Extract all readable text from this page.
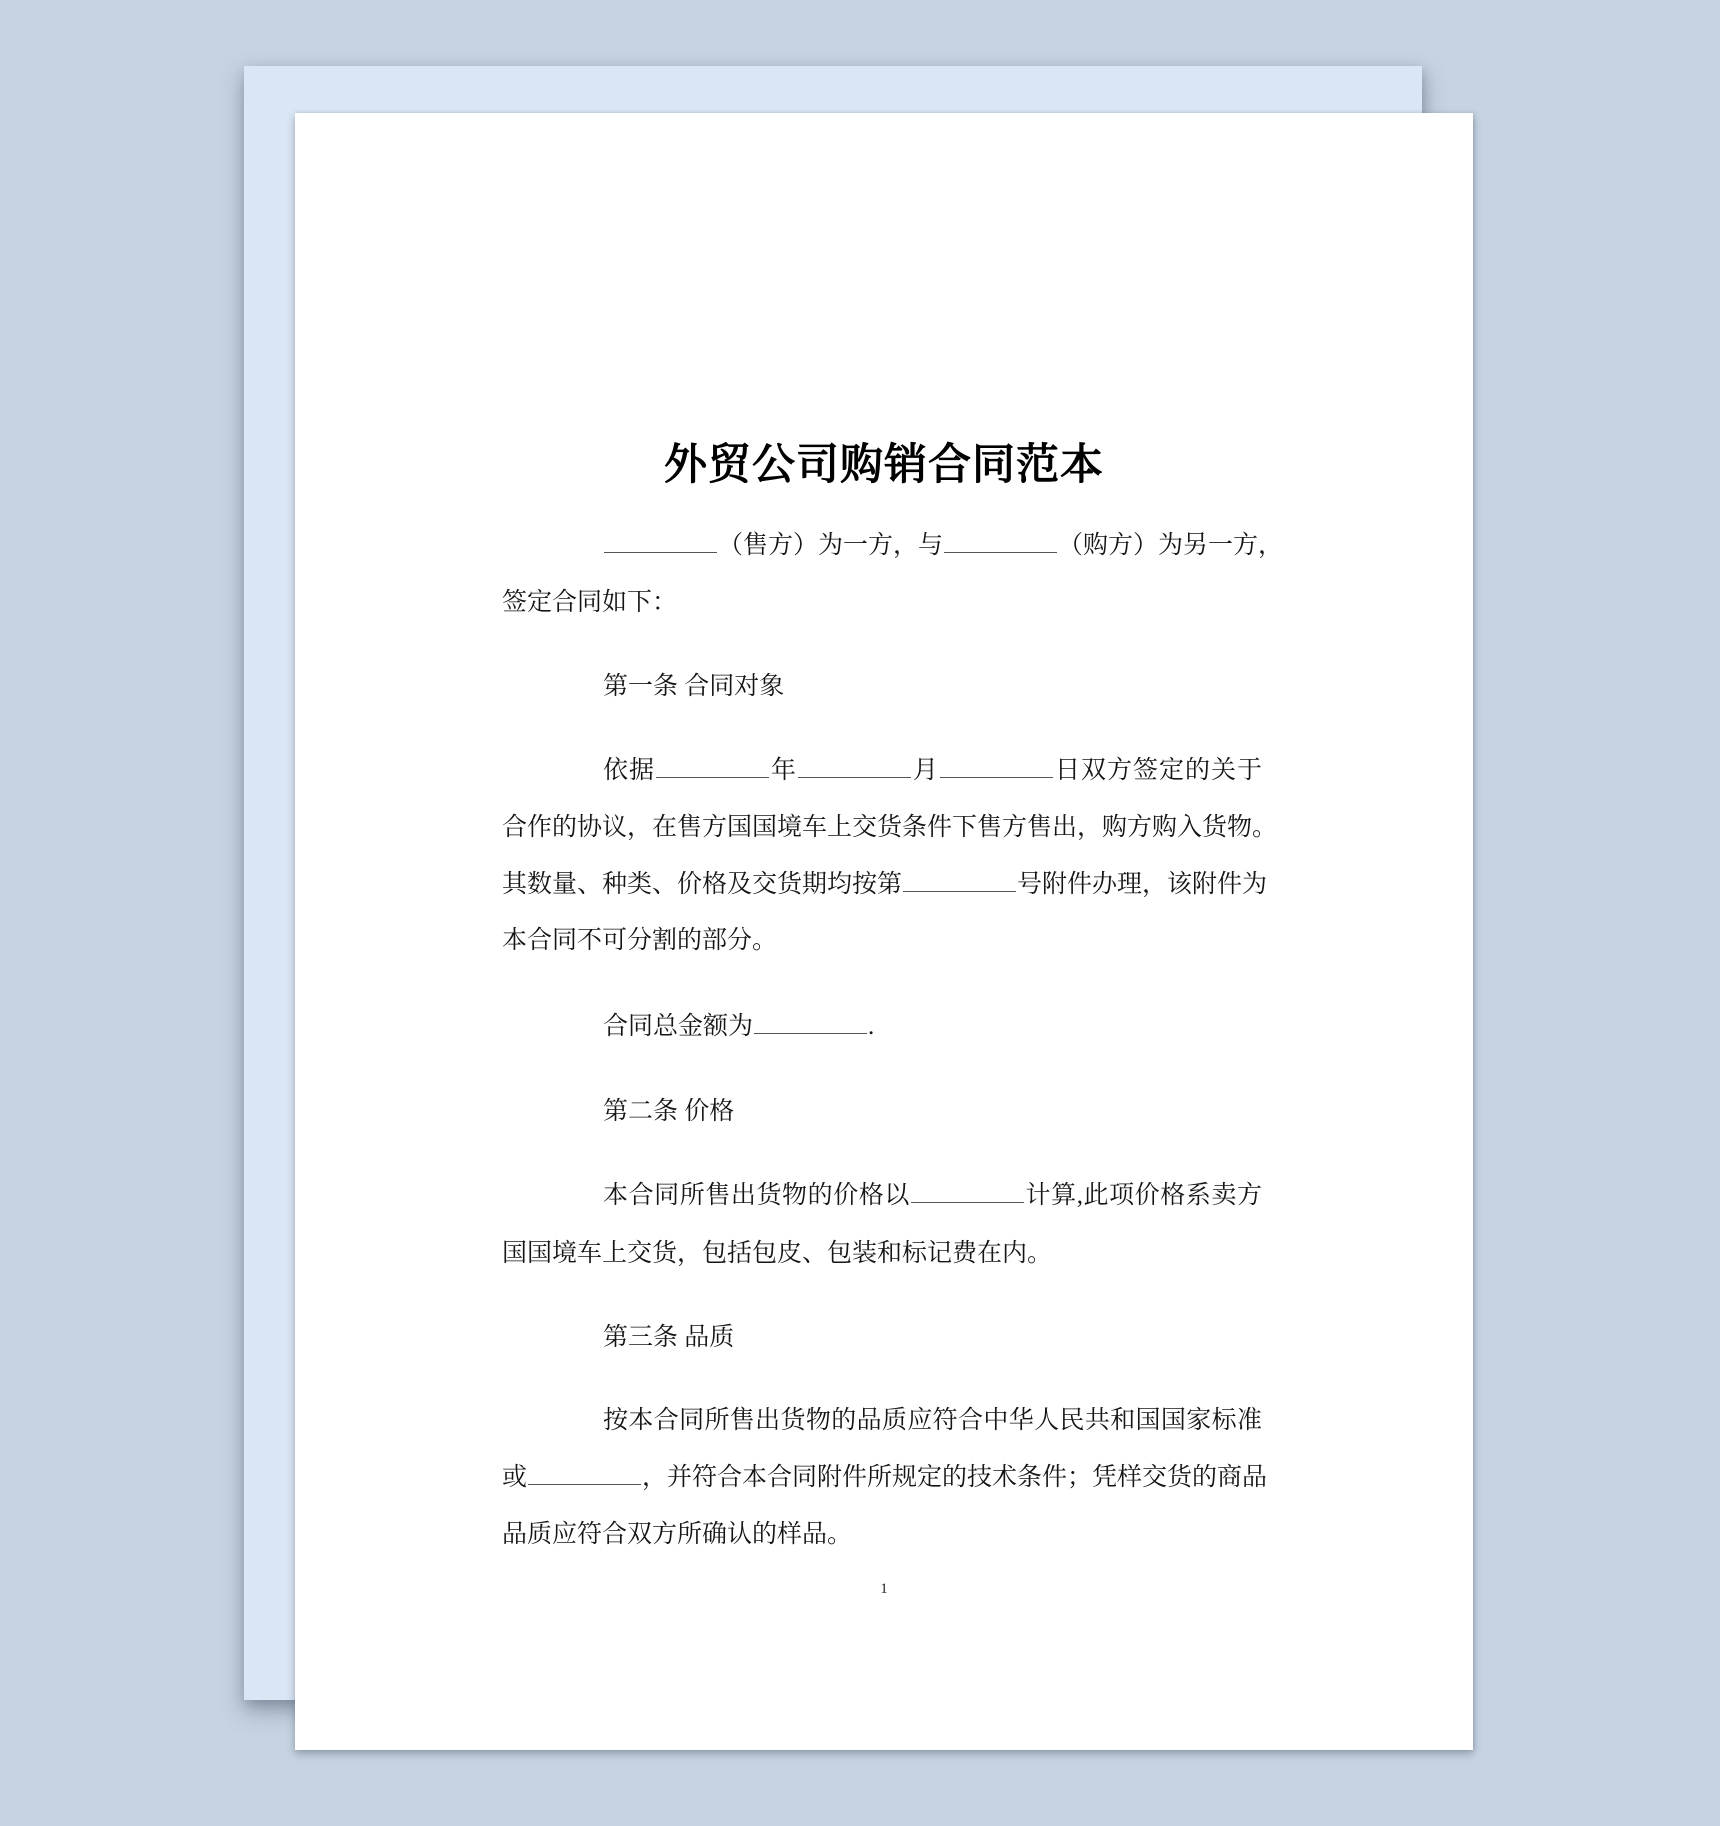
外贸公司购销合同范本
（售方）为一方，与	（购方）为另一方，
签定合同如下：
第一条 合同对象
依据	年	月	日双方签定的关于
合作的协议，在售方国国境车上交货条件下售方售出，购方购入货物。
其数量、种类、价格及交货期均按第	号附件办理，该附件为
本合同不可分割的部分。
合同总金额为	.
第二条 价格
本合同所售出货物的价格以	计算,此项价格系卖方
国国境车上交货，包括包皮、包装和标记费在内。
第三条 品质
按本合同所售出货物的品质应符合中华人民共和国国家标准
或	，并符合本合同附件所规定的技术条件；凭样交货的商品
品质应符合双方所确认的样品。
1
